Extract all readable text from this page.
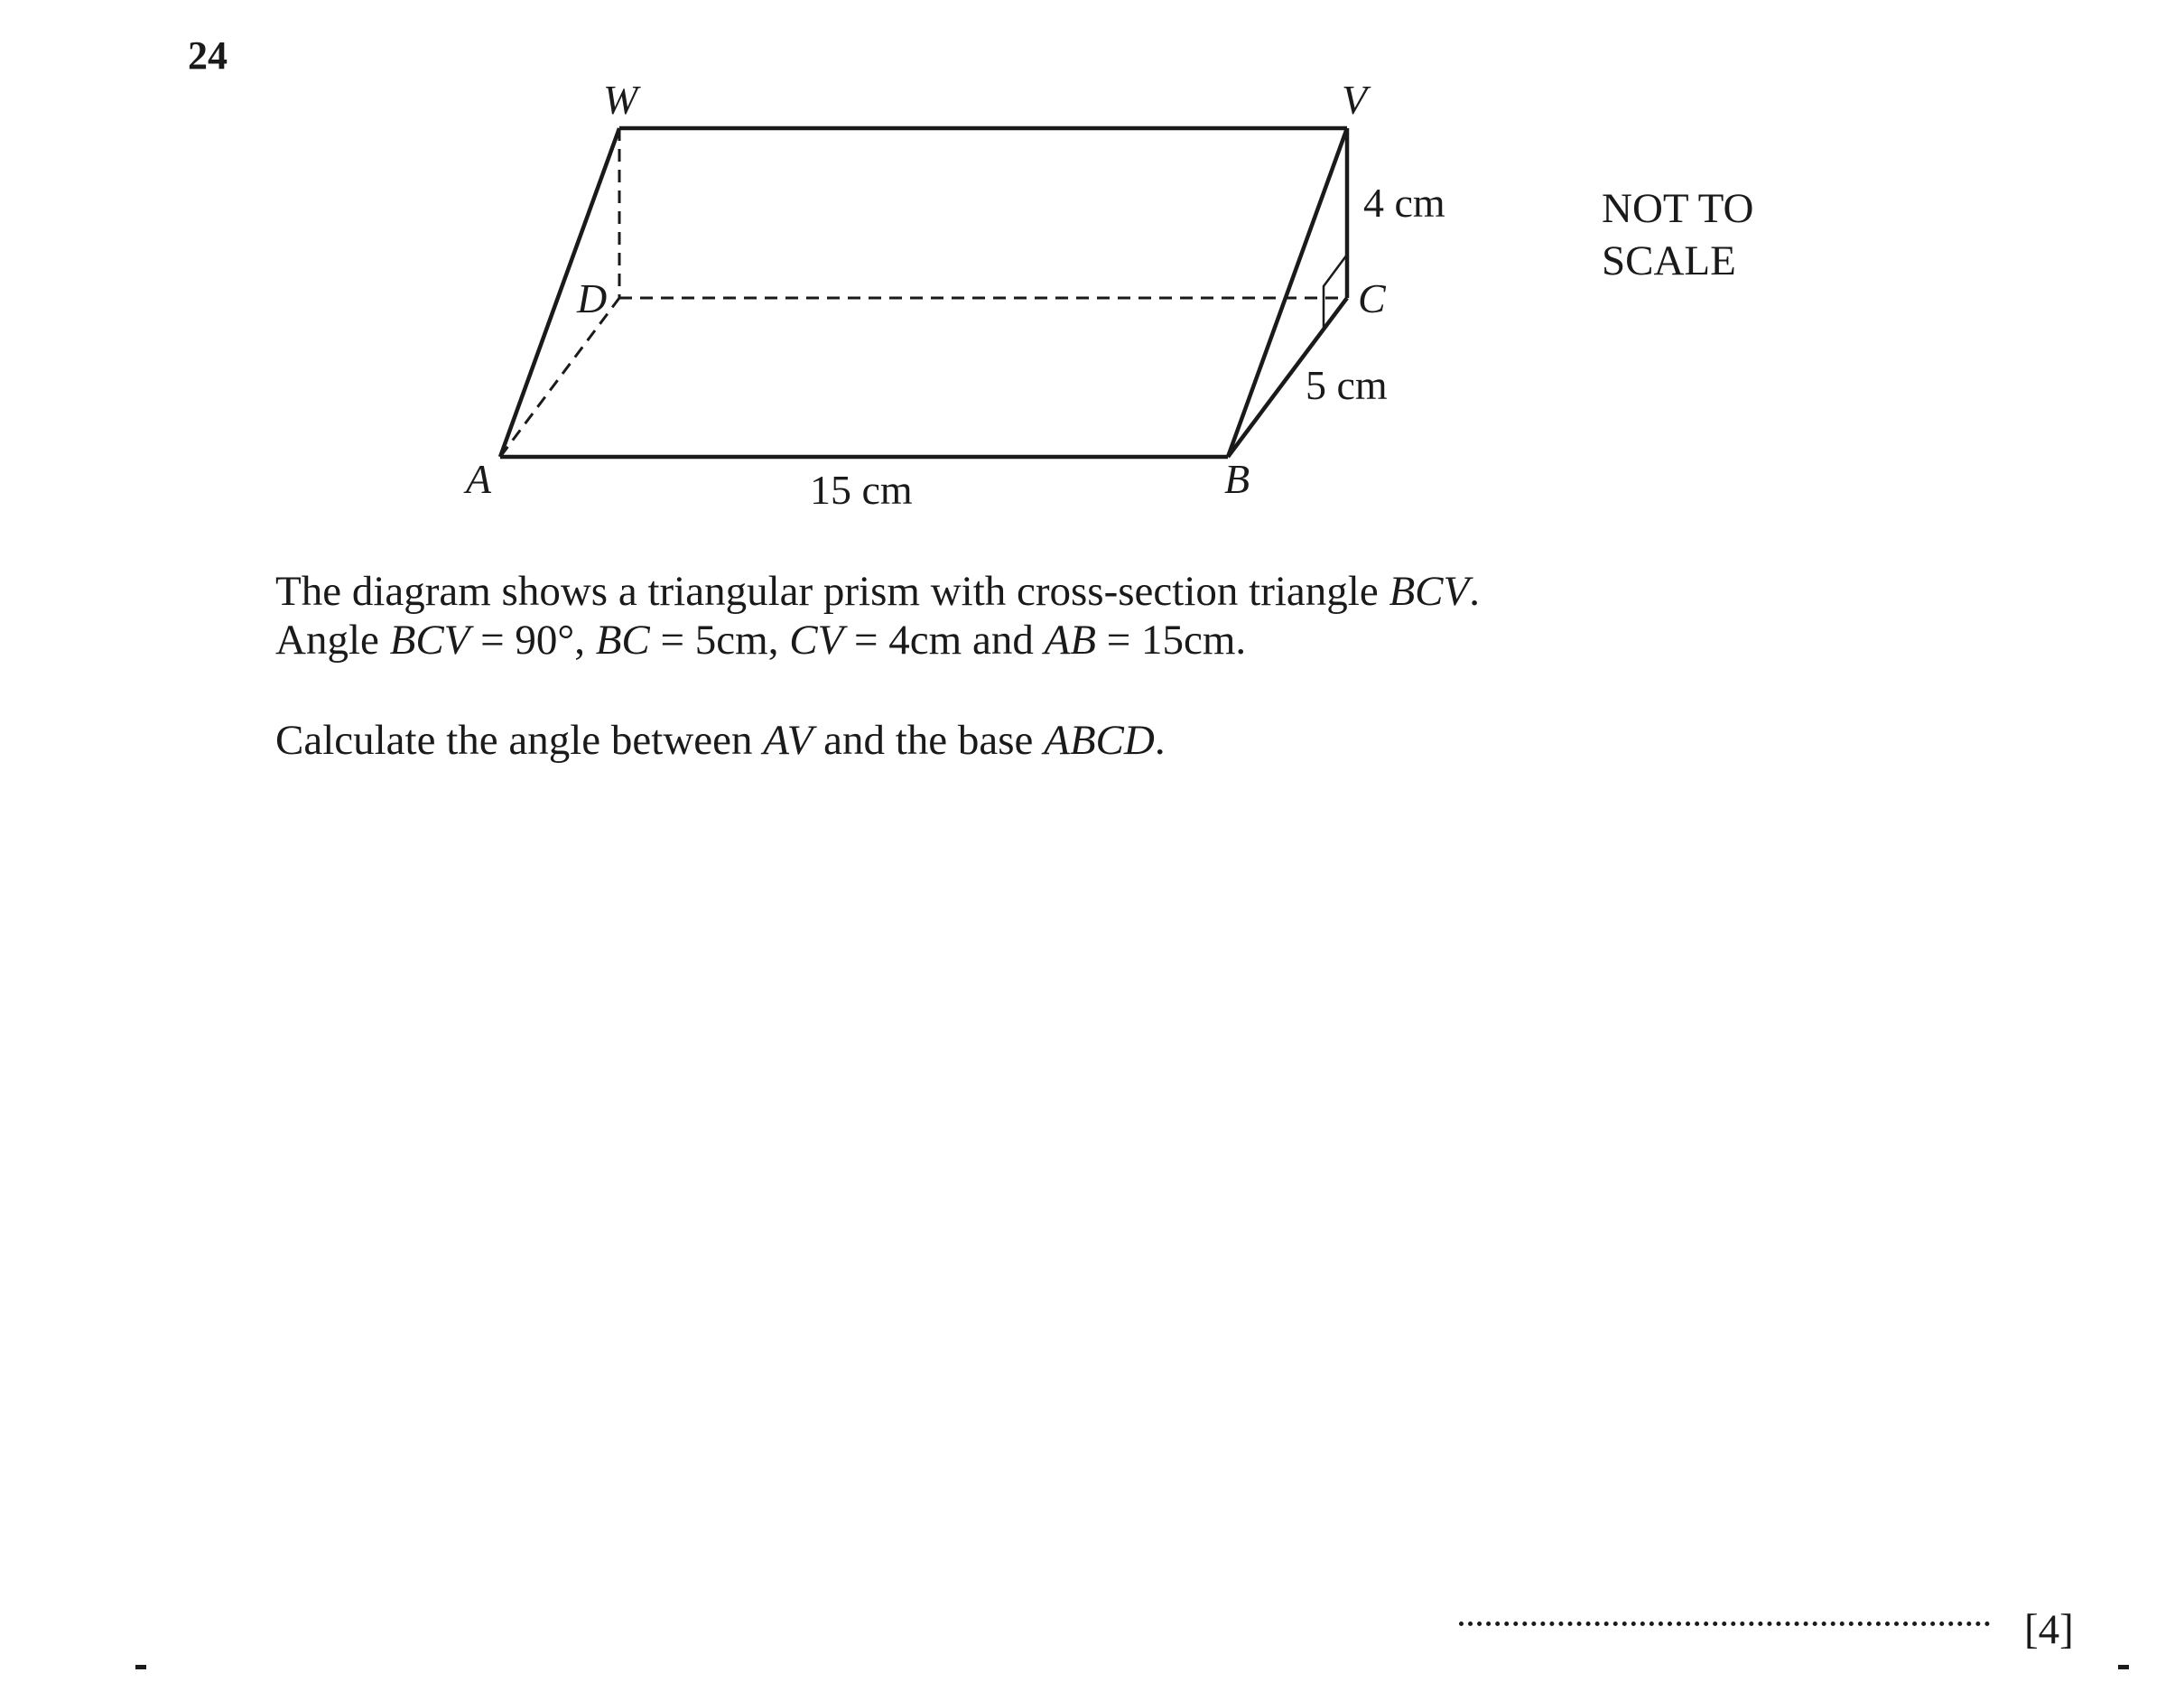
24
W	V
D	C
A	B
4 cm
5 cm
15 cm
NOT TO
SCALE
The diagram shows a triangular prism with cross-section triangle BCV.
Angle BCV = 90°, BC = 5cm, CV = 4cm and AB = 15cm.
Calculate the angle between AV and the base ABCD.
[4]
